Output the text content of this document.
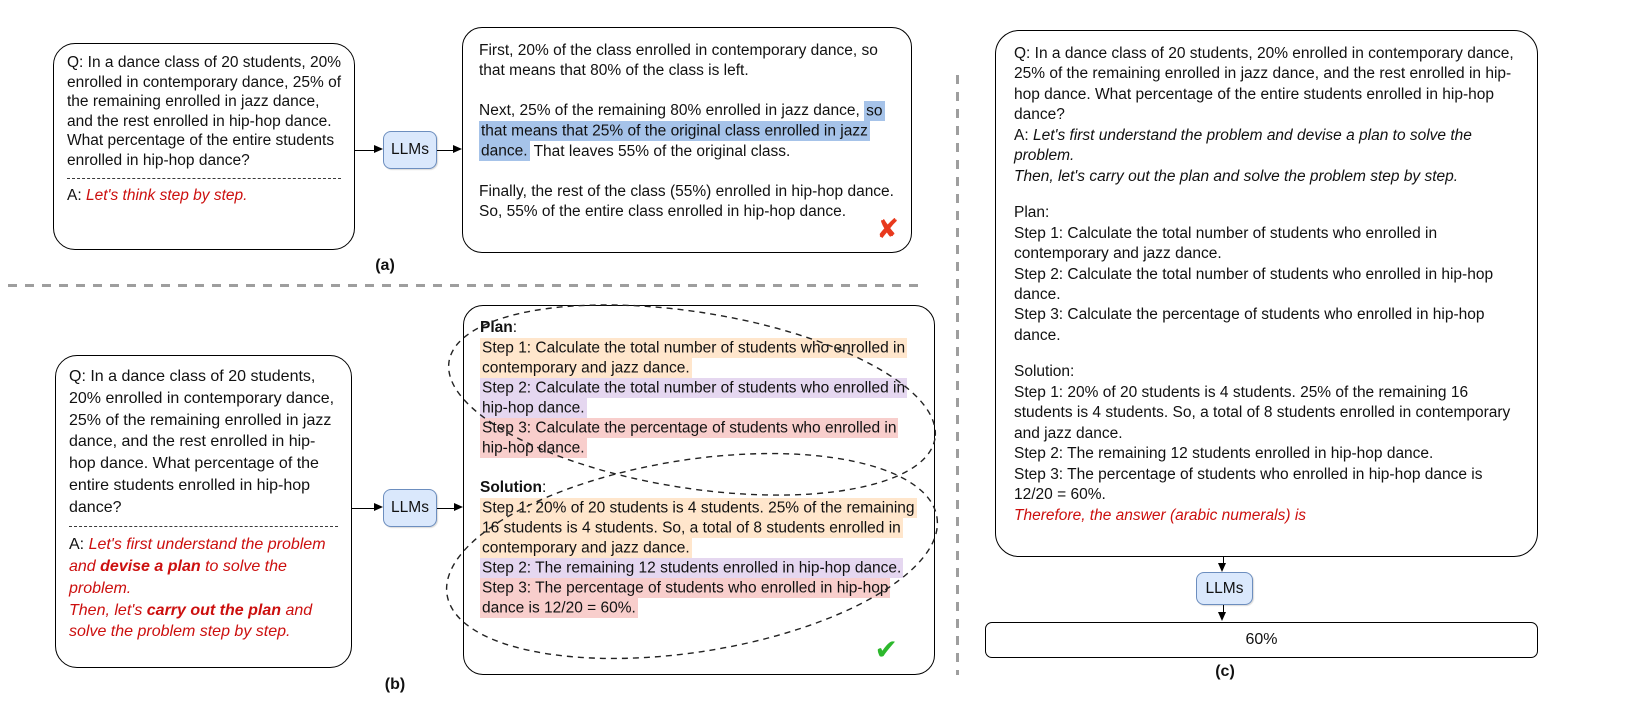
Q: In a dance class of 20 students, 20% enrolled in contemporary dance, 25% of the remaining enrolled in jazz dance, and the rest enrolled in hip-hop dance. What percentage of the entire students enrolled in hip-hop dance?
A: Let's think step by step.
LLMs
First, 20% of the class enrolled in contemporary dance, so that means that 80% of the class is left.
Next, 25% of the remaining 80% enrolled in jazz dance, so that means that 25% of the original class enrolled in jazz dance. That leaves 55% of the original class.
Finally, the rest of the class (55%) enrolled in hip-hop dance. So, 55% of the entire class enrolled in hip-hop dance.
✘
(a)
Q: In a dance class of 20 students, 20% enrolled in contemporary dance, 25% of the remaining enrolled in jazz dance, and the rest enrolled in hip-hop dance. What percentage of the entire students enrolled in hip-hop dance?
A: Let's first understand the problem and devise a plan to solve the problem.
Then, let's carry out the plan and solve the problem step by step.
LLMs
Plan:
Step 1: Calculate the total number of students who enrolled in contemporary and jazz dance.
Step 2: Calculate the total number of students who enrolled in hip-hop dance.
Step 3: Calculate the percentage of students who enrolled in hip-hop dance.
Solution:
Step 1: 20% of 20 students is 4 students. 25% of the remaining 16 students is 4 students. So, a total of 8 students enrolled in contemporary and jazz dance.
Step 2: The remaining 12 students enrolled in hip-hop dance.
Step 3: The percentage of students who enrolled in hip-hop dance is 12/20 = 60%.
✔
(b)
Q: In a dance class of 20 students, 20% enrolled in contemporary dance, 25% of the remaining enrolled in jazz dance, and the rest enrolled in hip-hop dance. What percentage of the entire students enrolled in hip-hop dance?
A: Let's first understand the problem and devise a plan to solve the problem.
Then, let's carry out the plan and solve the problem step by step.
Plan:
Step 1: Calculate the total number of students who enrolled in contemporary and jazz dance.
Step 2: Calculate the total number of students who enrolled in hip-hop dance.
Step 3: Calculate the percentage of students who enrolled in hip-hop dance.
Solution:
Step 1: 20% of 20 students is 4 students. 25% of the remaining 16 students is 4 students. So, a total of 8 students enrolled in contemporary and jazz dance.
Step 2: The remaining 12 students enrolled in hip-hop dance.
Step 3: The percentage of students who enrolled in hip-hop dance is 12/20 = 60%.
Therefore, the answer (arabic numerals) is
LLMs
60%
(c)
